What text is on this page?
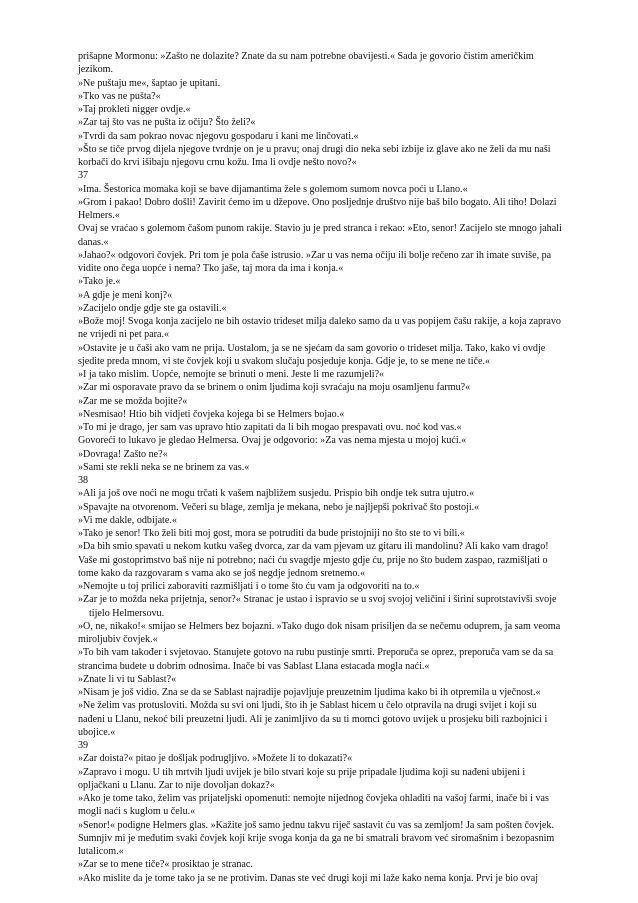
prišapne Mormonu: »Zašto ne dolazite? Znate da su nam potrebne obavijesti.« Sada je govorio čistim američkim jezikom.

»Ne puštaju me«, šaptao je upitani.

»Tko vas ne pušta?«

»Taj prokleti nigger ovdje.«

»Zar taj što vas ne pušta iz očiju? Što želi?«

»Tvrdi da sam pokrao novac njegovu gospodaru i kani me linčovati.«

»Što se tiče prvog dijela njegove tvrdnje on je u pravu; onaj drugi dio neka sebi izbije iz glave ako ne želi da mu naši korbači do krvi išibaju njegovu crnu kožu. Ima li ovdje nešto novo?«

37

»Ima. Šestorica momaka koji se bave dijamantima žele s golemom sumom novca poći u Llano.«

»Grom i pakao! Dobro došli! Zavirit ćemo im u džepove. Ono posljednje društvo nije baš bilo bogato. Ali tiho! Dolazi Helmers.«

Ovaj se vraćao s golemom čašom punom rakije. Stavio ju je pred stranca i rekao: »Eto, senor! Zacijelo ste mnogo jahali danas.«

»Jahao?« odgovori čovjek. Pri tom je pola čaše istrusio. »Zar u vas nema očiju ili bolje rečeno zar ih imate suviše, pa vidite ono čega uopće i nema? Tko jaše, taj mora da ima i konja.«

»Tako je.«

»A gdje je meni konj?«

»Zacijelo ondje gdje ste ga ostavili.«

»Bože moj! Svoga konja zacijelo ne bih ostavio trideset milja daleko samo da u vas popijem čašu rakije, a koja zapravo ne vrijedi ni pet para.«

»Ostavite je u čaši ako vam ne prija. Uostalom, ja se ne sjećam da sam govorio o trideset milja. Tako, kako vi ovdje sjedite preda mnom, vi ste čovjek koji u svakom slučaju posjeduje konja. Gdje je, to se mene ne tiče.«

»I ja tako mislim. Uopće, nemojte se brinuti o meni. Jeste li me razumjeli?«

»Zar mi osporavate pravo da se brinem o onim ljudima koji svraćaju na moju osamljenu farmu?«

»Zar me se možda bojite?«

»Nesmisao! Htio bih vidjeti čovjeka kojega bi se Helmers bojao.«

»To mi je drago, jer sam vas upravo htio zapitati da li bih mogao prespavati ovu. noć kod vas.«

Govoreći to lukavo je gledao Helmersa. Ovaj je odgovorio: »Za vas nema mjesta u mojoj kući.«

»Dovraga! Zašto ne?«

»Sami ste rekli neka se ne brinem za vas.«

38

»Ali ja još ove noći ne mogu trčati k vašem najbližem susjedu. Prispio bih ondje tek sutra ujutro.«

»Spavajte na otvorenom. Večeri su blage, zemlja je mekana, nebo je najljepši pokrivač što postoji.«

»Vi me dakle, odbijate.«

»Tako je senor! Tko želi biti moj gost, mora se potruditi da bude pristojniji no što ste to vi bili.«

»Da bih smio spavati u nekom kutku vašeg dvorca, zar da vam pjevam uz gitaru ili mandolinu? Ali kako vam drago! Vaše mi gostoprimstvo baš nije ni potrebno; naći ću svagdje mjesto gdje ću, prije no što budem zaspao, razmišljati o tome kako da razgovaram s vama ako se još negdje jednom sretnemo.«

»Nemojte u toj prilici zaboraviti razmišljati i o tome što ću vam ja odgovoriti na to.«

»Zar je to možda neka prijetnja, senor?« Stranac je ustao i ispravio se u svoj svojoj veličini i širini suprotstavivši svoje tijelo Helmersovu.

»O, ne, nikako!« smijao se Helmers bez bojazni. »Tako dugo dok nisam prisiljen da se nečemu oduprem, ja sam veoma miroljubiv čovjek.«

»To bih vam također i svjetovao. Stanujete gotovo na rubu pustinje smrti. Preporuča se oprez, preporuča vam se da sa strancima budete u dobrim odnosima. Inače bi vas Sablast Llana estacada mogla naći.«

»Znate li vi tu Sablast?«

»Nisam je još vidio. Zna se da se Sablast najradije pojavljuje preuzetnim ljudima kako bi ih otpremila u vječnost.«

»Ne želim vas protusloviti. Možda su svi oni ljudi, što ih je Sablast hicem u čelo otpravila na drugi svijet i koji su nađeni u Llanu, nekoć bili preuzetni ljudi. Ali je zanimljivo da su ti momci gotovo uvijek u prosjeku bili razbojnici i ubojice.«

39

»Zar doista?« pitao je došljak podrugljivo. »Možete li to dokazati?«

»Zapravo i mogu. U tih mrtvih ljudi uvijek je bilo stvari koje su prije pripadale ljudima koji su nađeni ubijeni i opljačkani u Llanu. Zar to nije dovoljan dokaz?«

»Ako je tome tako, želim vas prijateljski opomenuti: nemojte nijednog čovjeka ohladiti na vašoj farmi, inače bi i vas mogli naći s kuglom u čelu.«

»Senor!« podigne Helmers glas. »Kažite još samo jednu takvu riječ sastavit ću vas sa zemljom! Ja sam pošten čovjek. Sumnjiv mi je međutim svaki čovjek koji krije svoga konja da ga ne bi smatrali bravom već siromašnim i bezopasnim lutalicom.«

»Zar se to mene tiče?« prosiktao je stranac.

»Ako mislite da je tome tako ja se ne protivim. Danas ste već drugi koji mi laže kako nema konja. Prvi je bio ovaj
